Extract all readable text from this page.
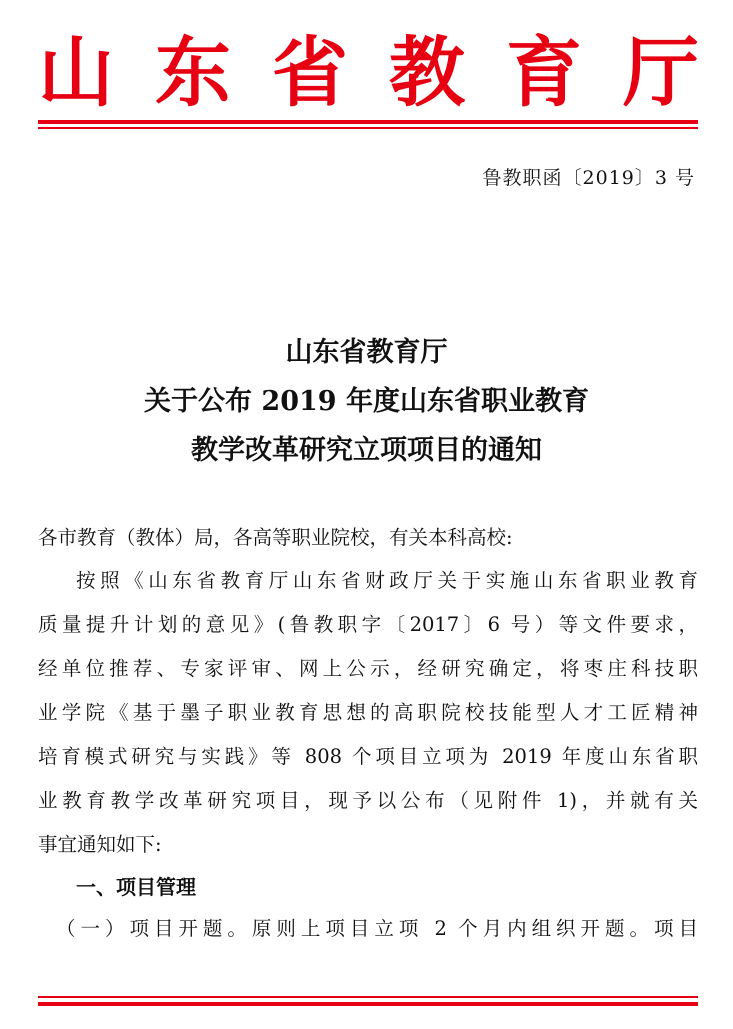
山 东 省 教 育 厅
鲁教职函〔2019〕3 号
山东省教育厅
关于公布 2019 年度山东省职业教育
教学改革研究立项项目的通知
各市教育（教体）局，各高等职业院校，有关本科高校:
按照《山东省教育厅山东省财政厅关于实施山东省职业教育
质量提升计划的意见》(鲁教职字〔2017〕6 号）等文件要求，
经单位推荐、专家评审、网上公示，经研究确定，将枣庄科技职
业学院《基于墨子职业教育思想的高职院校技能型人才工匠精神
培育模式研究与实践》等 808 个项目立项为 2019 年度山东省职
业教育教学改革研究项目，现予以公布（见附件 1)，并就有关
事宜通知如下:
一、项目管理
（一）项目开题。原则上项目立项 2 个月内组织开题。项目
